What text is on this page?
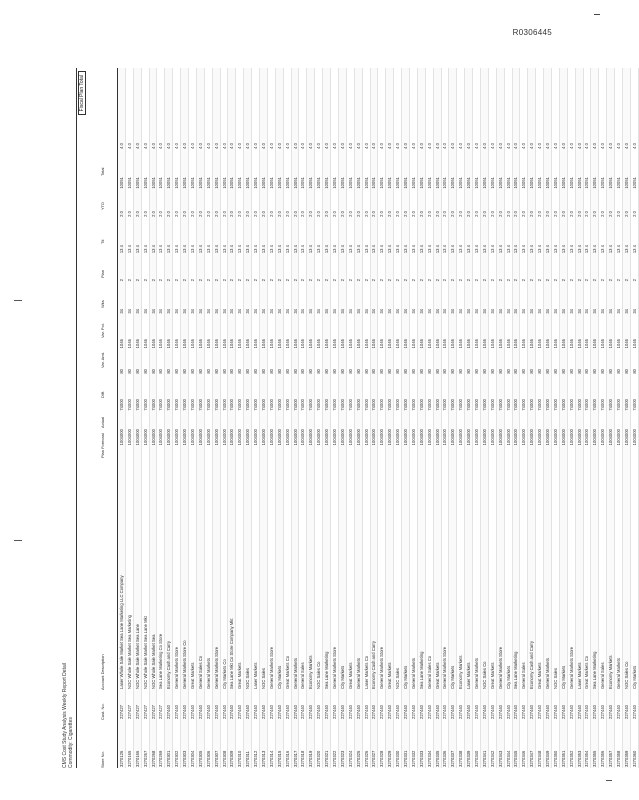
R0306445
CMS Cost Study Analysis Weekly Report Detail Commodity: Cigarettes
Fiscal Plan Total
Store No.
Cust. No.
Account Description
Plan Forecast
Actual
Diff.
Var. Amt.
Var. Pct.
Wks
Plan
Ttl
YTD
Total
3270126
227427
Laser Whole Sale Market Sea Lane Marketing LLC Company
1004000
74000
80
1046
34
2
13 4
2 0
10051
4 0
3270165
227427
NOC Whole Sale Market Sea Marketing
1004000
74000
80
1046
34
2
13 4
2 0
10051
4 0
3270166
227427
NOC Whole Sale Market Sea Lane
1004000
74000
80
1046
34
2
13 4
2 0
10051
4 0
3270267
227427
NOC Whole Sale Market Sea Lane Mkt
1004000
74000
80
1046
34
2
13 4
2 0
10051
4 0
3270268
227427
NOC Whole Sale Market Sea
1004000
74000
80
1046
34
2
13 4
2 0
10051
4 0
3270269
227427
Sea Lane Marketing Co Store
1004000
74000
80
1046
34
2
13 4
2 0
10051
4 0
3270301
227440
Economy Cash and Carry
1004000
74000
80
1046
34
2
13 4
2 0
10051
4 0
3270302
227440
General Markets Store
1004000
74000
80
1046
34
2
13 4
2 0
10051
4 0
3270303
227440
General Markets Store Co
1004000
74000
80
1046
34
2
13 4
2 0
10051
4 0
3270304
227440
Great Markets
1004000
74000
80
1046
34
2
13 4
2 0
10051
4 0
3270305
227440
General Sales Co
1004000
74000
80
1046
34
2
13 4
2 0
10051
4 0
3270306
227440
General Markets
1004000
74000
80
1046
34
2
13 4
2 0
10051
4 0
3270307
227440
General Markets Store
1004000
74000
80
1046
34
2
13 4
2 0
10051
4 0
3270308
227440
City Markets Co
1004000
74000
80
1046
34
2
13 4
2 0
10051
4 0
3270309
227440
Sea Lane Mkt Co Store Company Mkt
1004000
74000
80
1046
34
2
13 4
2 0
10051
4 0
3270310
227440
Great Markets
1004000
74000
80
1046
34
2
13 4
2 0
10051
4 0
3270311
227440
NOC Sales
1004000
74000
80
1046
34
2
13 4
2 0
10051
4 0
3270312
227440
Laser Markets
1004000
74000
80
1046
34
2
13 4
2 0
10051
4 0
3270313
227440
NOC Sales
1004000
74000
80
1046
34
2
13 4
2 0
10051
4 0
3270314
227440
General Markets Store
1004000
74000
80
1046
34
2
13 4
2 0
10051
4 0
3270315
227440
City Markets
1004000
74000
80
1046
34
2
13 4
2 0
10051
4 0
3270316
227440
Great Markets Co
1004000
74000
80
1046
34
2
13 4
2 0
10051
4 0
3270317
227440
General Markets
1004000
74000
80
1046
34
2
13 4
2 0
10051
4 0
3270318
227440
General Sales
1004000
74000
80
1046
34
2
13 4
2 0
10051
4 0
3270319
227440
Economy Markets
1004000
74000
80
1046
34
2
13 4
2 0
10051
4 0
3270320
227440
NOC Sales Co
1004000
74000
80
1046
34
2
13 4
2 0
10051
4 0
3270321
227440
Sea Lane Marketing
1004000
74000
80
1046
34
2
13 4
2 0
10051
4 0
3270322
227440
General Markets Store
1004000
74000
80
1046
34
2
13 4
2 0
10051
4 0
3270323
227440
City Markets
1004000
74000
80
1046
34
2
13 4
2 0
10051
4 0
3270324
227440
Great Markets
1004000
74000
80
1046
34
2
13 4
2 0
10051
4 0
3270325
227440
General Markets
1004000
74000
80
1046
34
2
13 4
2 0
10051
4 0
3270326
227440
Laser Markets Co
1004000
74000
80
1046
34
2
13 4
2 0
10051
4 0
3270327
227440
Economy Cash and Carry
1004000
74000
80
1046
34
2
13 4
2 0
10051
4 0
3270328
227440
General Markets Store
1004000
74000
80
1046
34
2
13 4
2 0
10051
4 0
3270329
227440
Great Markets
1004000
74000
80
1046
34
2
13 4
2 0
10051
4 0
3270330
227440
NOC Sales
1004000
74000
80
1046
34
2
13 4
2 0
10051
4 0
3270331
227440
City Markets
1004000
74000
80
1046
34
2
13 4
2 0
10051
4 0
3270332
227440
General Markets
1004000
74000
80
1046
34
2
13 4
2 0
10051
4 0
3270333
227440
Sea Lane Marketing
1004000
74000
80
1046
34
2
13 4
2 0
10051
4 0
3270334
227440
General Sales Co
1004000
74000
80
1046
34
2
13 4
2 0
10051
4 0
3270335
227440
Great Markets
1004000
74000
80
1046
34
2
13 4
2 0
10051
4 0
3270336
227440
General Markets Store
1004000
74000
80
1046
34
2
13 4
2 0
10051
4 0
3270337
227440
City Markets
1004000
74000
80
1046
34
2
13 4
2 0
10051
4 0
3270338
227440
Economy Markets
1004000
74000
80
1046
34
2
13 4
2 0
10051
4 0
3270339
227440
Laser Markets
1004000
74000
80
1046
34
2
13 4
2 0
10051
4 0
3270340
227440
General Markets
1004000
74000
80
1046
34
2
13 4
2 0
10051
4 0
3270341
227440
NOC Sales Co
1004000
74000
80
1046
34
2
13 4
2 0
10051
4 0
3270342
227440
Great Markets
1004000
74000
80
1046
34
2
13 4
2 0
10051
4 0
3270343
227440
General Markets Store
1004000
74000
80
1046
34
2
13 4
2 0
10051
4 0
3270344
227440
City Markets
1004000
74000
80
1046
34
2
13 4
2 0
10051
4 0
3270345
227440
Sea Lane Marketing
1004000
74000
80
1046
34
2
13 4
2 0
10051
4 0
3270346
227440
General Sales
1004000
74000
80
1046
34
2
13 4
2 0
10051
4 0
3270347
227440
Economy Cash and Carry
1004000
74000
80
1046
34
2
13 4
2 0
10051
4 0
3270348
227440
Great Markets
1004000
74000
80
1046
34
2
13 4
2 0
10051
4 0
3270349
227440
General Markets
1004000
74000
80
1046
34
2
13 4
2 0
10051
4 0
3270350
227440
NOC Sales
1004000
74000
80
1046
34
2
13 4
2 0
10051
4 0
3270351
227440
City Markets
1004000
74000
80
1046
34
2
13 4
2 0
10051
4 0
3270352
227440
General Markets Store
1004000
74000
80
1046
34
2
13 4
2 0
10051
4 0
3270353
227440
Laser Markets
1004000
74000
80
1046
34
2
13 4
2 0
10051
4 0
3270354
227440
Great Markets Co
1004000
74000
80
1046
34
2
13 4
2 0
10051
4 0
3270355
227440
Sea Lane Marketing
1004000
74000
80
1046
34
2
13 4
2 0
10051
4 0
3270356
227440
General Sales
1004000
74000
80
1046
34
2
13 4
2 0
10051
4 0
3270357
227440
Economy Markets
1004000
74000
80
1046
34
2
13 4
2 0
10051
4 0
3270358
227440
General Markets
1004000
74000
80
1046
34
2
13 4
2 0
10051
4 0
3270359
227440
NOC Sales Co
1004000
74000
80
1046
34
2
13 4
2 0
10051
4 0
3270360
227440
City Markets
1004000
74000
80
1046
34
2
13 4
2 0
10051
4 0
